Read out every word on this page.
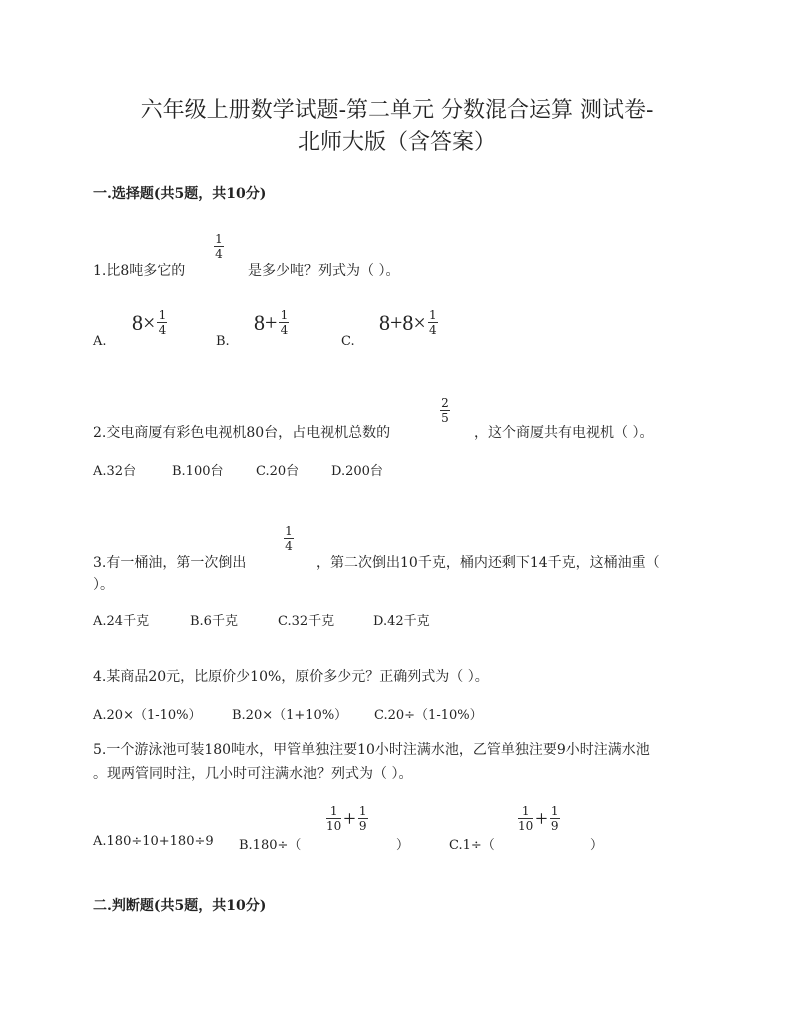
六年级上册数学试题-第二单元 分数混合运算 测试卷-
北师大版（含答案）
一.选择题(共5题，共10分)
1.比8吨多它的
1
4
是多少吨？列式为（ ）。
A.
$8\times \frac{1}{4}$
B.
$8+ \frac{1}{4}$
C.
$8+8\times \frac{1}{4}$
2.交电商厦有彩色电视机80台，占电视机总数的
2
5
，这个商厦共有电视机（ ）。
A.32台	B.100台	C.20台 D.200台
3.有一桶油，第一次倒出
1
4
，第二次倒出10千克，桶内还剩下14千克，这桶油重（
）。
A.24千克	B.6千克	C.32千克	D.42千克
4.某商品20元，比原价少10%，原价多少元？正确列式为（ ）。
A.20×（1-10%） B.20×（1+10%） C.20÷（1-10%）
5.一个游泳池可装180吨水，甲管单独注要10小时注满水池，乙管单独注要9小时注满水池
。现两管同时注，几小时可注满水池？列式为（ ）。
A.180÷10+180÷9 B.180÷（
$\frac{1}{10} + \frac{1}{9}$
）	C.1÷（
$\frac{1}{10} + \frac{1}{9}$
）
二.判断题(共5题，共10分)
